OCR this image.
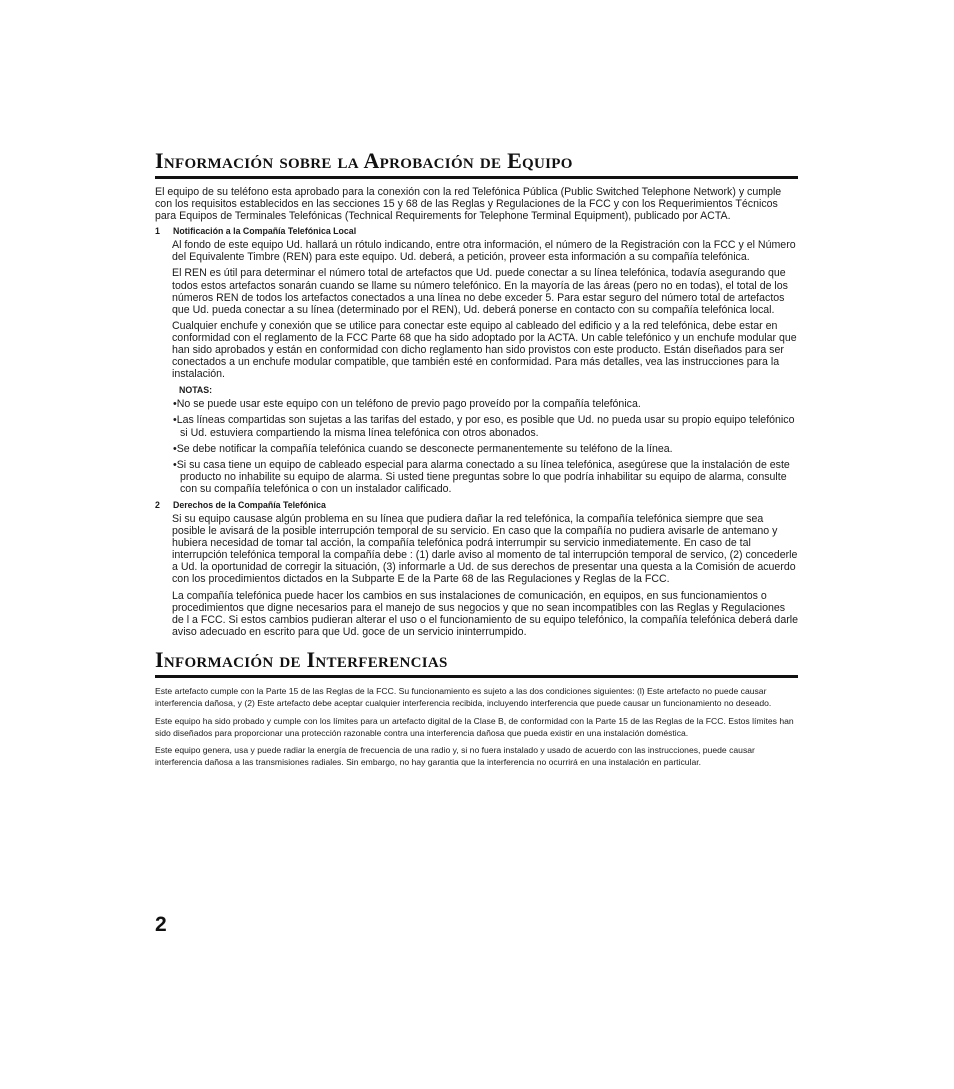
Información sobre la Aprobación de Equipo

El equipo de su teléfono esta aprobado para la conexión con la red Telefónica Pública (Public Switched Telephone Network) y cumple con los requisitos establecidos en las secciones 15 y 68 de las Reglas y Regulaciones de la FCC y con los Requerimientos Técnicos para Equipos de Terminales Telefónicas (Technical Requirements for Telephone Terminal Equipment), publicado por ACTA.

1 Notificación a la Compañía Telefónica Local

Al fondo de este equipo Ud. hallará un rótulo indicando, entre otra información, el número de la Registración con la FCC y el Número del Equivalente Timbre (REN) para este equipo. Ud. deberá, a petición, proveer esta información a su compañía telefónica.

El REN es útil para determinar el número total de artefactos que Ud. puede conectar a su línea telefónica, todavía asegurando que todos estos artefactos sonarán cuando se llame su número telefónico. En la mayoría de las áreas (pero no en todas), el total de los números REN de todos los artefactos conectados a una línea no debe exceder 5. Para estar seguro del número total de artefactos que Ud. pueda conectar a su línea (determinado por el REN), Ud. deberá ponerse en contacto con su compañía telefónica local.

Cualquier enchufe y conexión que se utilice para conectar este equipo al cableado del edificio y a la red telefónica, debe estar en conformidad con el reglamento de la FCC Parte 68 que ha sido adoptado por la ACTA. Un cable telefónico y un enchufe modular que han sido aprobados y están en conformidad con dicho reglamento han sido provistos con este producto. Están diseñados para ser conectados a un enchufe modular compatible, que también esté en conformidad. Para más detalles, vea las instrucciones para la instalación.

NOTAS:

•No se puede usar este equipo con un teléfono de previo pago proveído por la compañía telefónica.

•Las líneas compartidas son sujetas a las tarifas del estado, y por eso, es posible que Ud. no pueda usar su propio equipo telefónico si Ud. estuviera compartiendo la misma línea telefónica con otros abonados.

•Se debe notificar la compañía telefónica cuando se desconecte permanentemente su teléfono de la línea.

•Si su casa tiene un equipo de cableado especial para alarma conectado a su línea telefónica, asegúrese que la instalación de este producto no inhabilite su equipo de alarma. Si usted tiene preguntas sobre lo que podría inhabilitar su equipo de alarma, consulte con su compañía telefónica o con un instalador calificado.

2 Derechos de la Compañía Telefónica

Si su equipo causase algún problema en su línea que pudiera dañar la red telefónica, la compañía telefónica siempre que sea posible le avisará de la posible interrupción temporal de su servicio. En caso que la compañía no pudiera avisarle de antemano y hubiera necesidad de tomar tal acción, la compañía telefónica podrá interrumpir su servicio inmediatemente. En caso de tal interrupción telefónica temporal la compañía debe : (1) darle aviso al momento de tal interrupción temporal de servico, (2) concederle a Ud. la oportunidad de corregir la situación, (3) informarle a Ud. de sus derechos de presentar una questa a la Comisión de acuerdo con los procedimientos dictados en la Subparte E de la Parte 68 de las Regulaciones y Reglas de la FCC.

La compañía telefónica puede hacer los cambios en sus instalaciones de comunicación, en equipos, en sus funcionamientos o procedimientos que digne necesarios para el manejo de sus negocios y que no sean incompatibles con las Reglas y Regulaciones de l a FCC. Si estos cambios pudieran alterar el uso o el funcionamiento de su equipo telefónico, la compañía telefónica deberá darle aviso adecuado en escrito para que Ud. goce de un servicio ininterrumpido.

Información de Interferencias

Este artefacto cumple con la Parte 15 de las Reglas de la FCC. Su funcionamiento es sujeto a las dos condiciones siguientes: (l) Este artefacto no puede causar interferencia dañosa, y (2) Este artefacto debe aceptar cualquier interferencia recibida, incluyendo interferencia que puede causar un funcionamiento no deseado.

Este equipo ha sido probado y cumple con los límites para un artefacto digital de la Clase B, de conformidad con la Parte 15 de las Reglas de la FCC. Estos límites han sido diseñados para proporcionar una protección razonable contra una interferencia dañosa que pueda existir en una instalación doméstica.

Este equipo genera, usa y puede radiar la energía de frecuencia de una radio y, si no fuera instalado y usado de acuerdo con las instrucciones, puede causar interferencia dañosa a las transmisiones radiales. Sin embargo, no hay garantia que la interferencia no ocurrirá en una instalación en particular.

2
